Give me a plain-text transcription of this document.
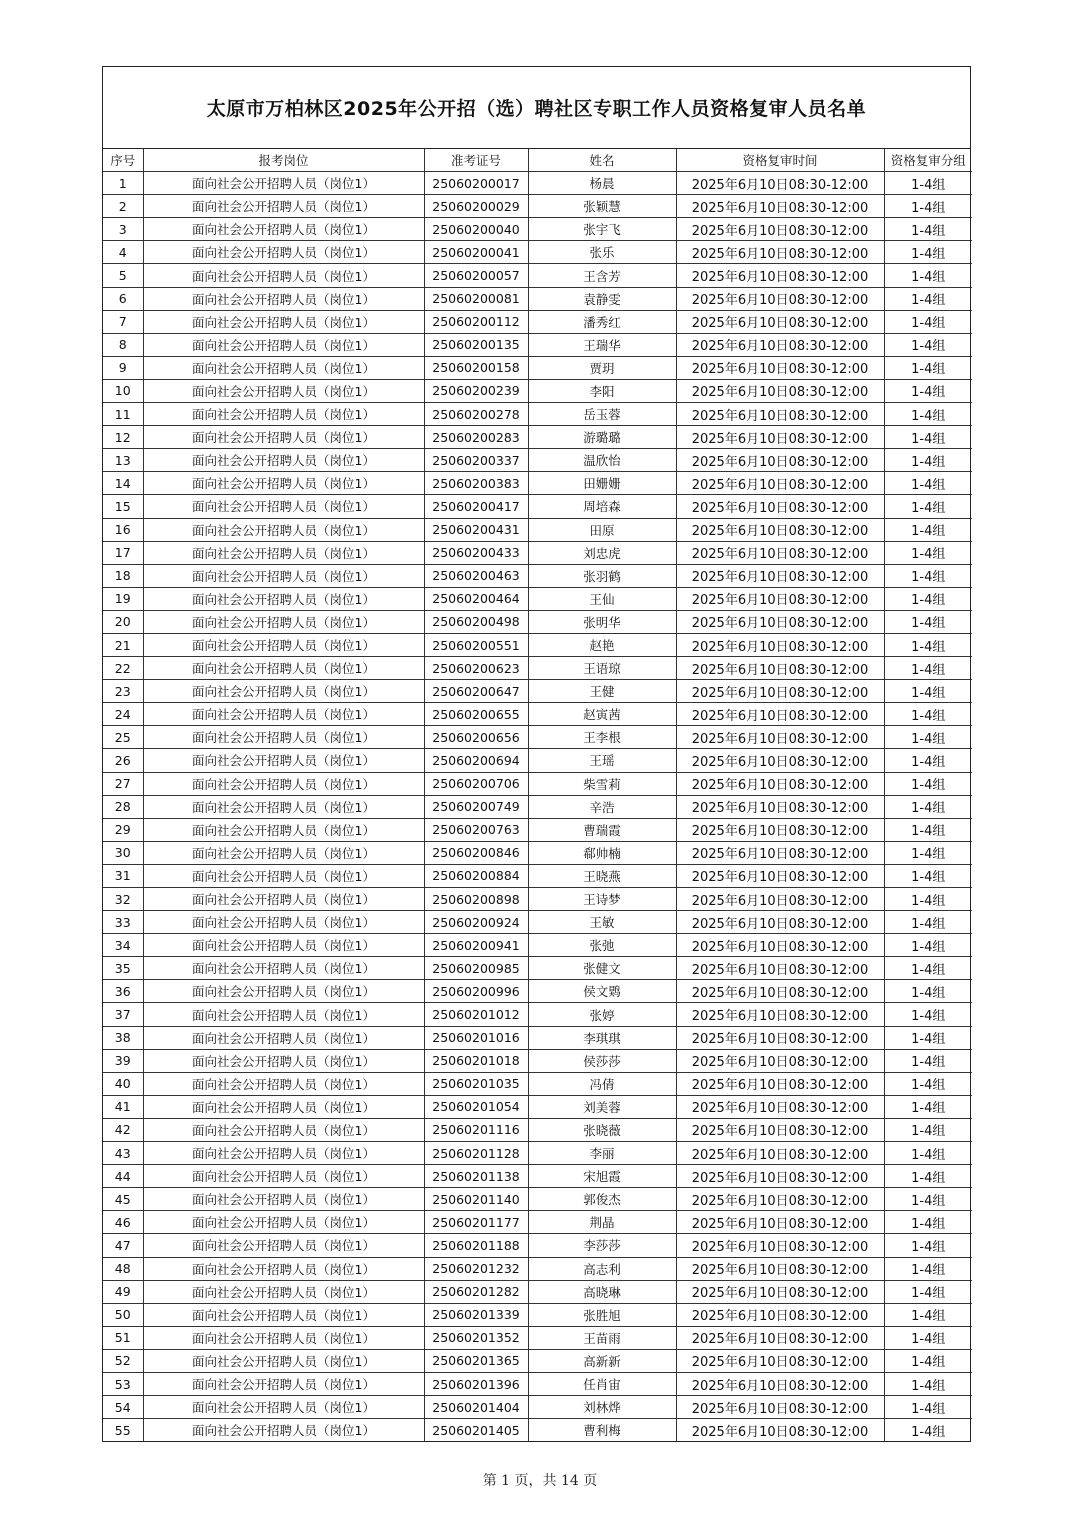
太原市万柏林区2025年公开招（选）聘社区专职工作人员资格复审人员名单
序号	报考岗位	准考证号	姓名	资格复审时间	资格复审分组
1	面向社会公开招聘人员（岗位1）	25060200017	杨晨	2025年6月10日08:30-12:00	1-4组
2	面向社会公开招聘人员（岗位1）	25060200029	张颖慧	2025年6月10日08:30-12:00	1-4组
3	面向社会公开招聘人员（岗位1）	25060200040	张宇飞	2025年6月10日08:30-12:00	1-4组
4	面向社会公开招聘人员（岗位1）	25060200041	张乐	2025年6月10日08:30-12:00	1-4组
5	面向社会公开招聘人员（岗位1）	25060200057	王含芳	2025年6月10日08:30-12:00	1-4组
6	面向社会公开招聘人员（岗位1）	25060200081	袁静雯	2025年6月10日08:30-12:00	1-4组
7	面向社会公开招聘人员（岗位1）	25060200112	潘秀红	2025年6月10日08:30-12:00	1-4组
8	面向社会公开招聘人员（岗位1）	25060200135	王瑞华	2025年6月10日08:30-12:00	1-4组
9	面向社会公开招聘人员（岗位1）	25060200158	贾玥	2025年6月10日08:30-12:00	1-4组
10	面向社会公开招聘人员（岗位1）	25060200239	李阳	2025年6月10日08:30-12:00	1-4组
11	面向社会公开招聘人员（岗位1）	25060200278	岳玉蓉	2025年6月10日08:30-12:00	1-4组
12	面向社会公开招聘人员（岗位1）	25060200283	游璐璐	2025年6月10日08:30-12:00	1-4组
13	面向社会公开招聘人员（岗位1）	25060200337	温欣怡	2025年6月10日08:30-12:00	1-4组
14	面向社会公开招聘人员（岗位1）	25060200383	田姗姗	2025年6月10日08:30-12:00	1-4组
15	面向社会公开招聘人员（岗位1）	25060200417	周培森	2025年6月10日08:30-12:00	1-4组
16	面向社会公开招聘人员（岗位1）	25060200431	田原	2025年6月10日08:30-12:00	1-4组
17	面向社会公开招聘人员（岗位1）	25060200433	刘忠虎	2025年6月10日08:30-12:00	1-4组
18	面向社会公开招聘人员（岗位1）	25060200463	张羽鹤	2025年6月10日08:30-12:00	1-4组
19	面向社会公开招聘人员（岗位1）	25060200464	王仙	2025年6月10日08:30-12:00	1-4组
20	面向社会公开招聘人员（岗位1）	25060200498	张明华	2025年6月10日08:30-12:00	1-4组
21	面向社会公开招聘人员（岗位1）	25060200551	赵艳	2025年6月10日08:30-12:00	1-4组
22	面向社会公开招聘人员（岗位1）	25060200623	王语琼	2025年6月10日08:30-12:00	1-4组
23	面向社会公开招聘人员（岗位1）	25060200647	王健	2025年6月10日08:30-12:00	1-4组
24	面向社会公开招聘人员（岗位1）	25060200655	赵寅茜	2025年6月10日08:30-12:00	1-4组
25	面向社会公开招聘人员（岗位1）	25060200656	王李根	2025年6月10日08:30-12:00	1-4组
26	面向社会公开招聘人员（岗位1）	25060200694	王瑶	2025年6月10日08:30-12:00	1-4组
27	面向社会公开招聘人员（岗位1）	25060200706	柴雪莉	2025年6月10日08:30-12:00	1-4组
28	面向社会公开招聘人员（岗位1）	25060200749	辛浩	2025年6月10日08:30-12:00	1-4组
29	面向社会公开招聘人员（岗位1）	25060200763	曹瑞霞	2025年6月10日08:30-12:00	1-4组
30	面向社会公开招聘人员（岗位1）	25060200846	郗帅楠	2025年6月10日08:30-12:00	1-4组
31	面向社会公开招聘人员（岗位1）	25060200884	王晓燕	2025年6月10日08:30-12:00	1-4组
32	面向社会公开招聘人员（岗位1）	25060200898	王诗梦	2025年6月10日08:30-12:00	1-4组
33	面向社会公开招聘人员（岗位1）	25060200924	王敏	2025年6月10日08:30-12:00	1-4组
34	面向社会公开招聘人员（岗位1）	25060200941	张弛	2025年6月10日08:30-12:00	1-4组
35	面向社会公开招聘人员（岗位1）	25060200985	张健文	2025年6月10日08:30-12:00	1-4组
36	面向社会公开招聘人员（岗位1）	25060200996	侯文䴗	2025年6月10日08:30-12:00	1-4组
37	面向社会公开招聘人员（岗位1）	25060201012	张婷	2025年6月10日08:30-12:00	1-4组
38	面向社会公开招聘人员（岗位1）	25060201016	李琪琪	2025年6月10日08:30-12:00	1-4组
39	面向社会公开招聘人员（岗位1）	25060201018	侯莎莎	2025年6月10日08:30-12:00	1-4组
40	面向社会公开招聘人员（岗位1）	25060201035	冯倩	2025年6月10日08:30-12:00	1-4组
41	面向社会公开招聘人员（岗位1）	25060201054	刘美蓉	2025年6月10日08:30-12:00	1-4组
42	面向社会公开招聘人员（岗位1）	25060201116	张晓薇	2025年6月10日08:30-12:00	1-4组
43	面向社会公开招聘人员（岗位1）	25060201128	李丽	2025年6月10日08:30-12:00	1-4组
44	面向社会公开招聘人员（岗位1）	25060201138	宋旭霞	2025年6月10日08:30-12:00	1-4组
45	面向社会公开招聘人员（岗位1）	25060201140	郭俊杰	2025年6月10日08:30-12:00	1-4组
46	面向社会公开招聘人员（岗位1）	25060201177	荆晶	2025年6月10日08:30-12:00	1-4组
47	面向社会公开招聘人员（岗位1）	25060201188	李莎莎	2025年6月10日08:30-12:00	1-4组
48	面向社会公开招聘人员（岗位1）	25060201232	高志利	2025年6月10日08:30-12:00	1-4组
49	面向社会公开招聘人员（岗位1）	25060201282	高晓琳	2025年6月10日08:30-12:00	1-4组
50	面向社会公开招聘人员（岗位1）	25060201339	张胜旭	2025年6月10日08:30-12:00	1-4组
51	面向社会公开招聘人员（岗位1）	25060201352	王苗雨	2025年6月10日08:30-12:00	1-4组
52	面向社会公开招聘人员（岗位1）	25060201365	高新新	2025年6月10日08:30-12:00	1-4组
53	面向社会公开招聘人员（岗位1）	25060201396	任肖宙	2025年6月10日08:30-12:00	1-4组
54	面向社会公开招聘人员（岗位1）	25060201404	刘林烨	2025年6月10日08:30-12:00	1-4组
55	面向社会公开招聘人员（岗位1）	25060201405	曹利梅	2025年6月10日08:30-12:00	1-4组
第 1 页，共 14 页
